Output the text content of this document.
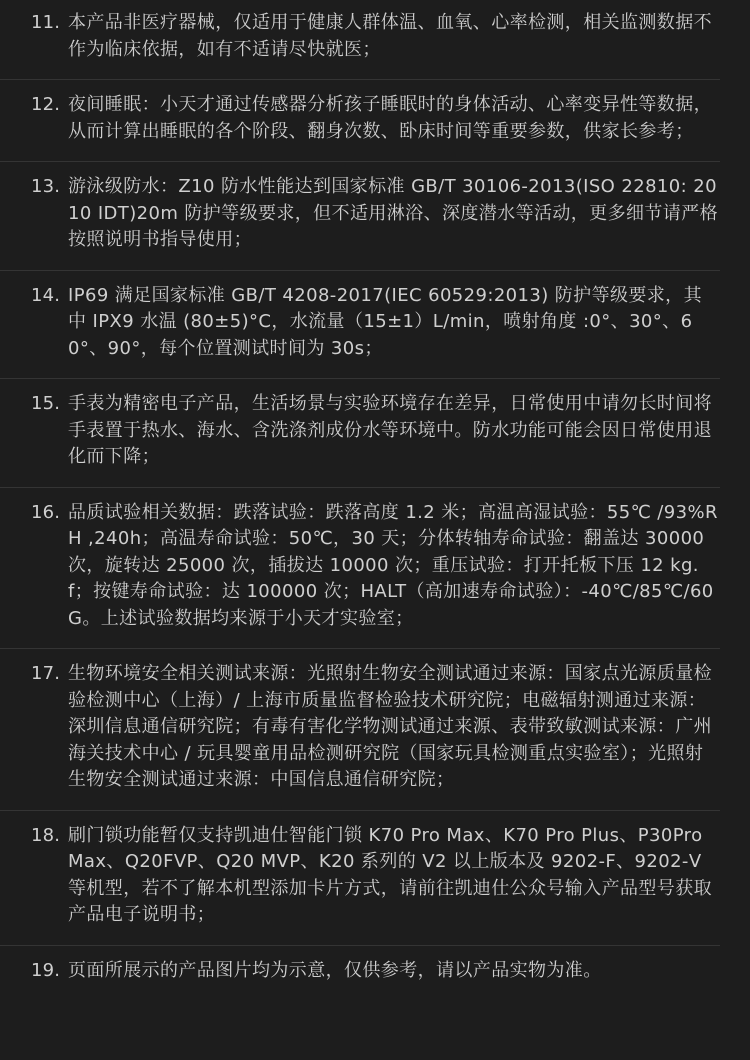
11. 本产品非医疗器械，仅适用于健康人群体温、血氧、心率检测，相关监测数据不作为临床依据，如有不适请尽快就医；
12. 夜间睡眠：小天才通过传感器分析孩子睡眠时的身体活动、心率变异性等数据，从而计算出睡眠的各个阶段、翻身次数、卧床时间等重要参数，供家长参考；
13. 游泳级防水：Z10 防水性能达到国家标准 GB/T 30106-2013(ISO 22810: 2010 IDT)20m 防护等级要求，但不适用淋浴、深度潜水等活动，更多细节请严格按照说明书指导使用；
14. IP69 满足国家标准 GB/T 4208-2017(IEC 60529:2013) 防护等级要求，其中 IPX9 水温 (80±5)°C，水流量（15±1）L/min，喷射角度 :0°、30°、60°、90°，每个位置测试时间为 30s；
15. 手表为精密电子产品，生活场景与实验环境存在差异，日常使用中请勿长时间将手表置于热水、海水、含洗涤剂成份水等环境中。防水功能可能会因日常使用退化而下降；
16. 品质试验相关数据：跌落试验：跌落高度 1.2 米；高温高湿试验：55℃ /93%RH ,240h；高温寿命试验：50℃，30 天；分体转轴寿命试验：翻盖达 30000 次，旋转达 25000 次，插拔达 10000 次；重压试验：打开托板下压 12 kg.f；按键寿命试验：达 100000 次；HALT（高加速寿命试验）：-40℃/85℃/60G。上述试验数据均来源于小天才实验室；
17. 生物环境安全相关测试来源：光照射生物安全测试通过来源：国家点光源质量检验检测中心（上海）/ 上海市质量监督检验技术研究院；电磁辐射测通过来源：深圳信息通信研究院；有毒有害化学物测试通过来源、表带致敏测试来源：广州海关技术中心 / 玩具婴童用品检测研究院（国家玩具检测重点实验室）；光照射生物安全测试通过来源：中国信息通信研究院；
18. 刷门锁功能暂仅支持凯迪仕智能门锁 K70 Pro Max、K70 Pro Plus、P30Pro Max、Q20FVP、Q20 MVP、K20 系列的 V2 以上版本及 9202-F、9202-V 等机型，若不了解本机型添加卡片方式，请前往凯迪仕公众号输入产品型号获取产品电子说明书；
19. 页面所展示的产品图片均为示意，仅供参考，请以产品实物为准。
